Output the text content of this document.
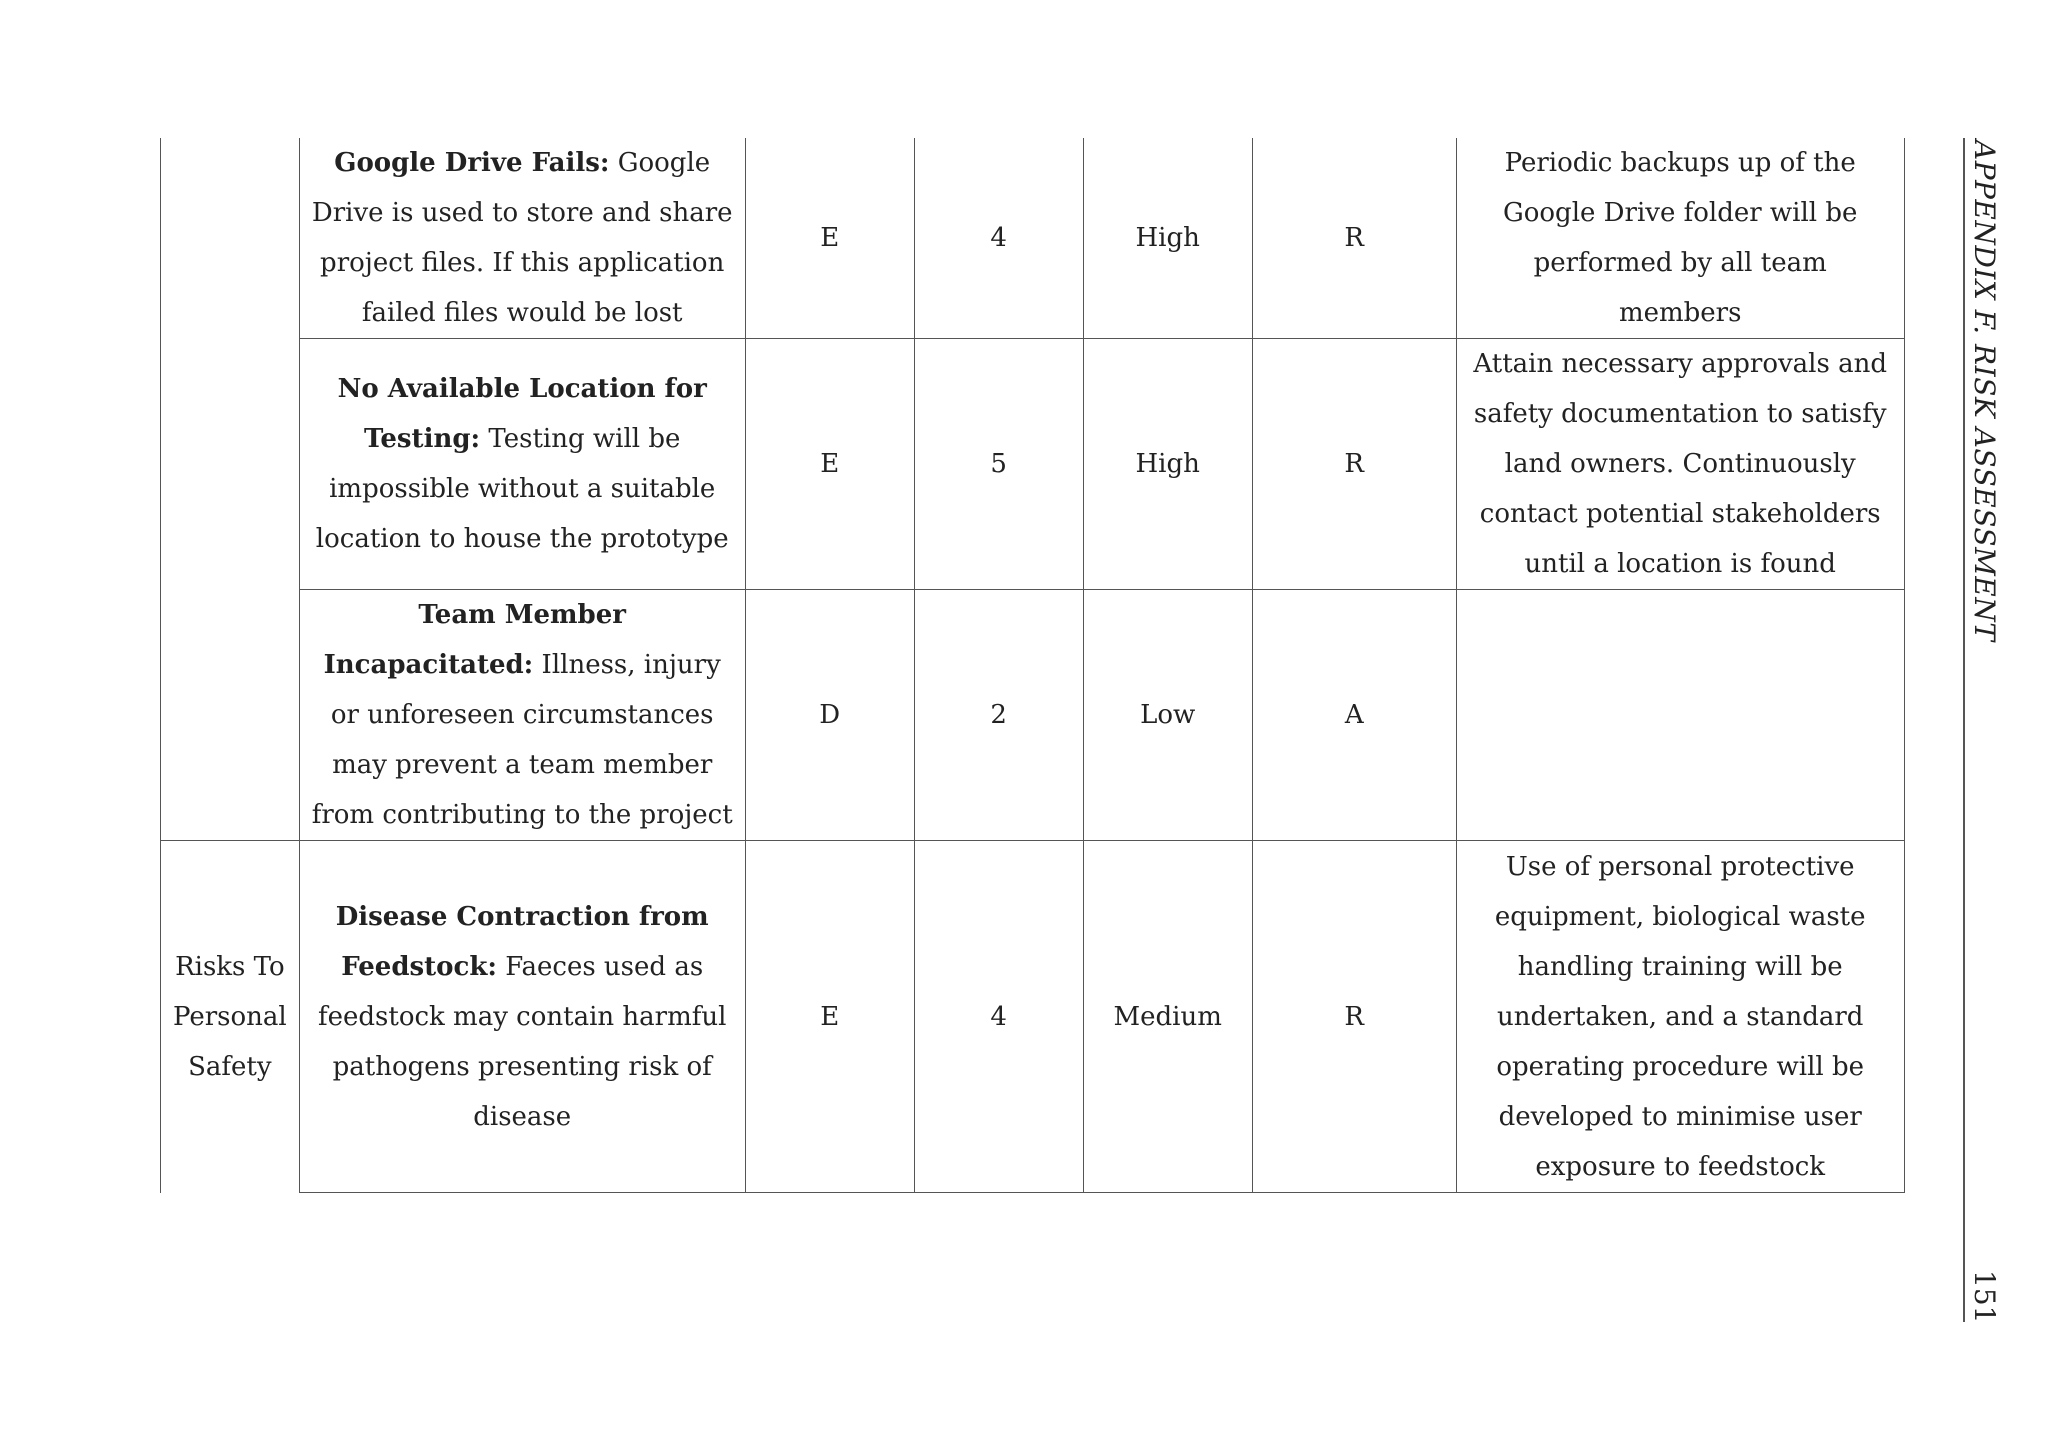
	Google Drive Fails: Google Drive is used to store and share project files. If this application failed files would be lost	E	4	High	R	Periodic backups up of the Google Drive folder will be performed by all team members
	No Available Location for Testing: Testing will be impossible without a suitable location to house the prototype	E	5	High	R	Attain necessary approvals and safety documentation to satisfy land owners. Continuously contact potential stakeholders until a location is found
	Team Member Incapacitated: Illness, injury or unforeseen circumstances may prevent a team member from contributing to the project	D	2	Low	A	
Risks To Personal Safety	Disease Contraction from Feedstock: Faeces used as feedstock may contain harmful pathogens presenting risk of disease	E	4	Medium	R	Use of personal protective equipment, biological waste handling training will be undertaken, and a standard operating procedure will be developed to minimise user exposure to feedstock
APPENDIX F. RISK ASSESSMENT
151
